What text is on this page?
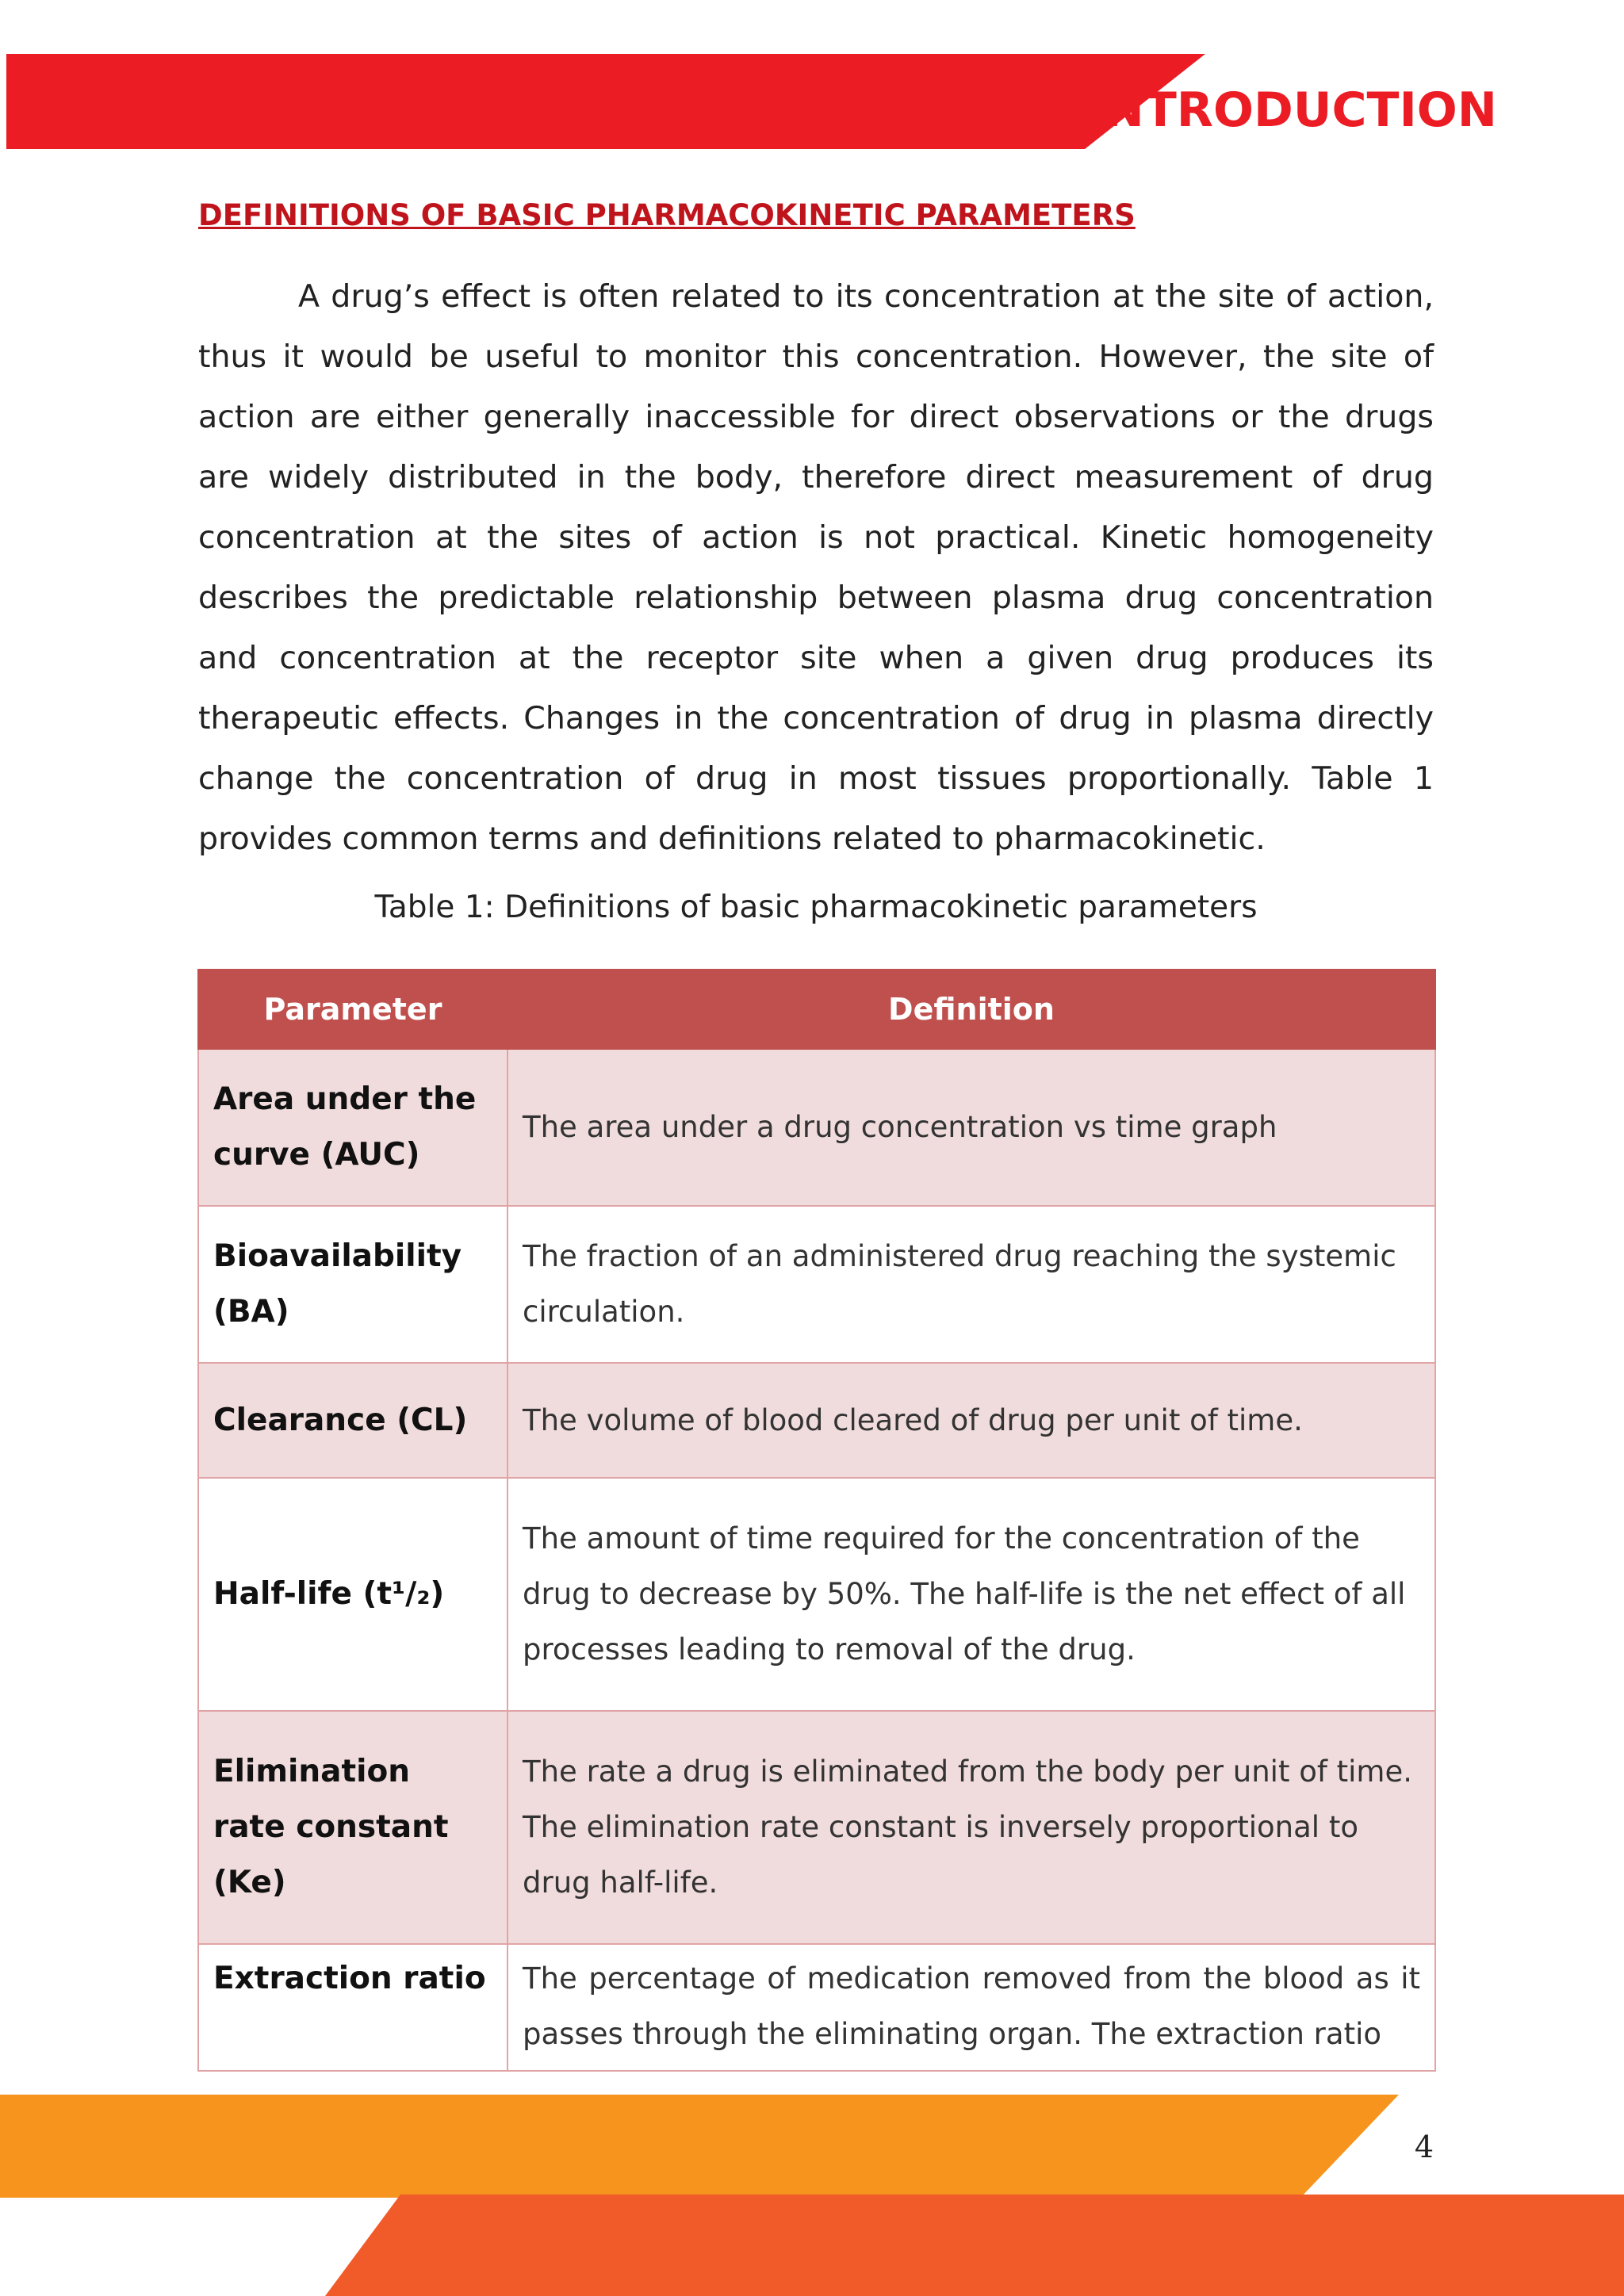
INTRODUCTION
DEFINITIONS OF BASIC PHARMACOKINETIC PARAMETERS

A drug’s effect is often related to its concentration at the site of action, thus it would be useful to monitor this concentration. However, the site of action are either generally inaccessible for direct observations or the drugs are widely distributed in the body, therefore direct measurement of drug concentration at the sites of action is not practical. Kinetic homogeneity describes the predictable relationship between plasma drug concentration and concentration at the receptor site when a given drug produces its therapeutic effects. Changes in the concentration of drug in plasma directly change the concentration of drug in most tissues proportionally. Table 1 provides common terms and definitions related to pharmacokinetic.

Table 1: Definitions of basic pharmacokinetic parameters

Parameter	Definition
Area under the curve (AUC)	The area under a drug concentration vs time graph
Bioavailability (BA)	The fraction of an administered drug reaching the systemic circulation.
Clearance (CL)	The volume of blood cleared of drug per unit of time.
Half-life (t¹/₂)	The amount of time required for the concentration of the drug to decrease by 50%. The half-life is the net effect of all processes leading to removal of the drug.
Elimination rate constant (Ke)	The rate a drug is eliminated from the body per unit of time. The elimination rate constant is inversely proportional to drug half-life.
Extraction ratio	The percentage of medication removed from the blood as it passes through the eliminating organ. The extraction ratio

4
